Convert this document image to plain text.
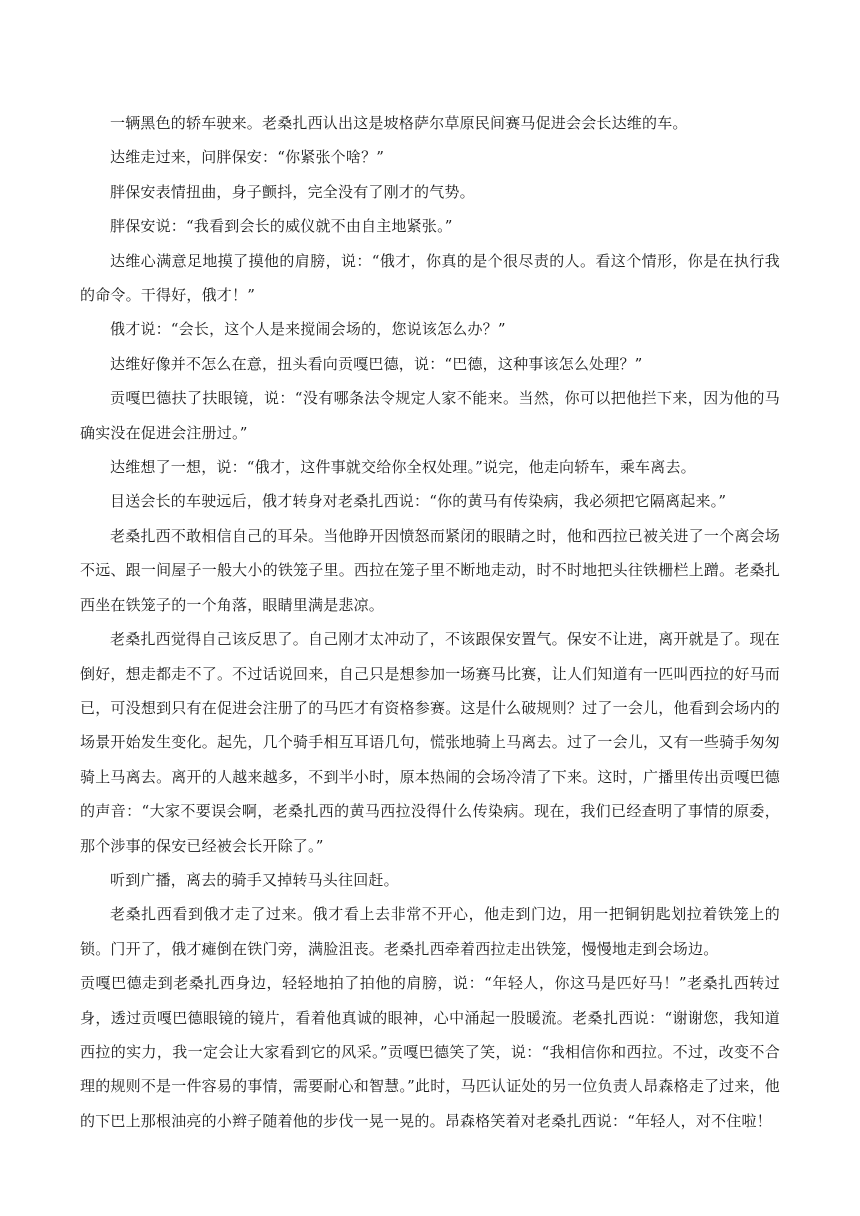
一辆黑色的轿车驶来。老桑扎西认出这是坡格萨尔草原民间赛马促进会会长达维的车。

达维走过来，问胖保安：“你紧张个啥？”

胖保安表情扭曲，身子颤抖，完全没有了刚才的气势。

胖保安说：“我看到会长的威仪就不由自主地紧张。”

达维心满意足地摸了摸他的肩膀，说：“俄才，你真的是个很尽责的人。看这个情形，你是在执行我的命令。干得好，俄才！”

俄才说：“会长，这个人是来搅闹会场的，您说该怎么办？”

达维好像并不怎么在意，扭头看向贡嘎巴德，说：“巴德，这种事该怎么处理？”

贡嘎巴德扶了扶眼镜，说：“没有哪条法令规定人家不能来。当然，你可以把他拦下来，因为他的马确实没在促进会注册过。”

达维想了一想，说：“俄才，这件事就交给你全权处理。”说完，他走向轿车，乘车离去。

目送会长的车驶远后，俄才转身对老桑扎西说：“你的黄马有传染病，我必须把它隔离起来。”

老桑扎西不敢相信自己的耳朵。当他睁开因愤怒而紧闭的眼睛之时，他和西拉已被关进了一个离会场不远、跟一间屋子一般大小的铁笼子里。西拉在笼子里不断地走动，时不时地把头往铁栅栏上蹭。老桑扎西坐在铁笼子的一个角落，眼睛里满是悲凉。

老桑扎西觉得自己该反思了。自己刚才太冲动了，不该跟保安置气。保安不让进，离开就是了。现在倒好，想走都走不了。不过话说回来，自己只是想参加一场赛马比赛，让人们知道有一匹叫西拉的好马而已，可没想到只有在促进会注册了的马匹才有资格参赛。这是什么破规则？过了一会儿，他看到会场内的场景开始发生变化。起先，几个骑手相互耳语几句，慌张地骑上马离去。过了一会儿，又有一些骑手匆匆骑上马离去。离开的人越来越多，不到半小时，原本热闹的会场冷清了下来。这时，广播里传出贡嘎巴德的声音：“大家不要误会啊，老桑扎西的黄马西拉没得什么传染病。现在，我们已经查明了事情的原委，那个涉事的保安已经被会长开除了。”

听到广播，离去的骑手又掉转马头往回赶。

老桑扎西看到俄才走了过来。俄才看上去非常不开心，他走到门边，用一把铜钥匙划拉着铁笼上的锁。门开了，俄才瘫倒在铁门旁，满脸沮丧。老桑扎西牵着西拉走出铁笼，慢慢地走到会场边。

贡嘎巴德走到老桑扎西身边，轻轻地拍了拍他的肩膀，说：“年轻人，你这马是匹好马！”老桑扎西转过身，透过贡嘎巴德眼镜的镜片，看着他真诚的眼神，心中涌起一股暖流。老桑扎西说：“谢谢您，我知道西拉的实力，我一定会让大家看到它的风采。”贡嘎巴德笑了笑，说：“我相信你和西拉。不过，改变不合理的规则不是一件容易的事情，需要耐心和智慧。”此时，马匹认证处的另一位负责人昂森格走了过来，他的下巴上那根油亮的小辫子随着他的步伐一晃一晃的。昂森格笑着对老桑扎西说：“年轻人，对不住啦！
